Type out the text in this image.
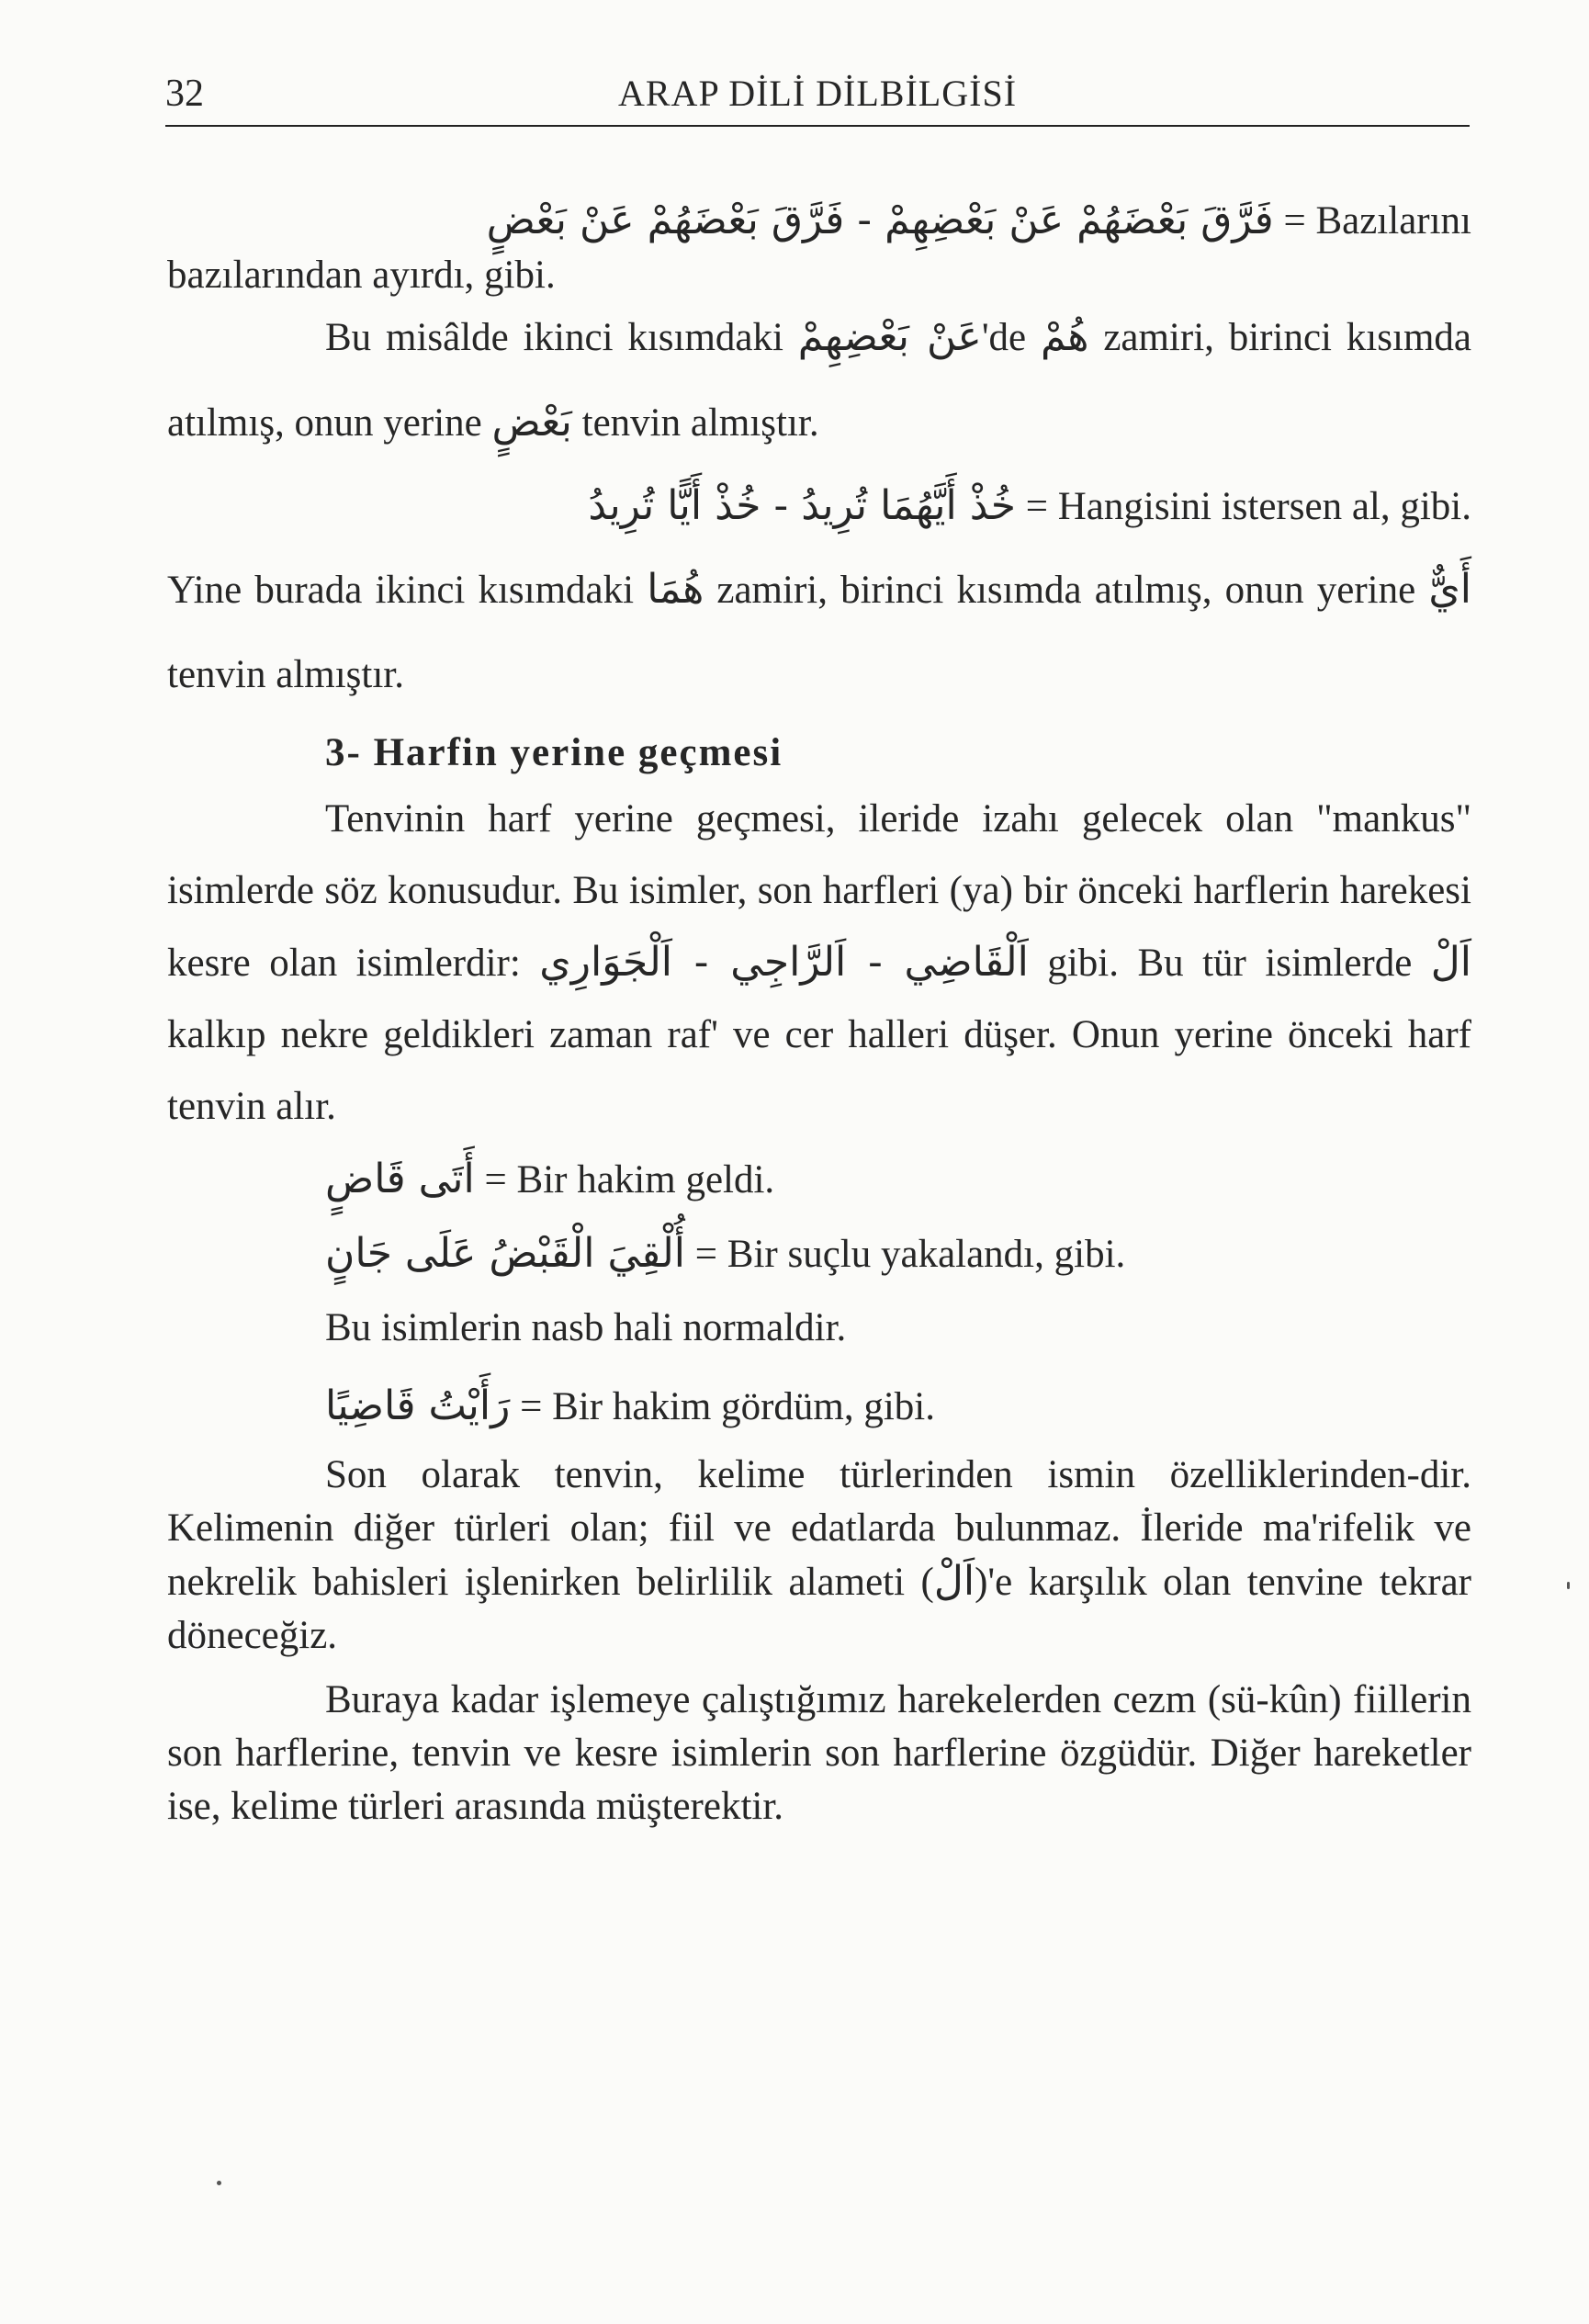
32	ARAP DİLİ DİLBİLGİSİ

فَرَّقَ بَعْضَهُمْ عَنْ بَعْضِهِمْ - فَرَّقَ بَعْضَهُمْ عَنْ بَعْضٍ = Bazılarını

bazılarından ayırdı, gibi.

Bu misâlde ikinci kısımdaki عَنْ بَعْضِهِمْ'de هُمْ zamiri, birinci kısımda atılmış, onun yerine بَعْضٍ tenvin almıştır.

خُذْ أَيَّهُمَا تُرِيدُ - خُذْ أَيًّا تُرِيدُ = Hangisini istersen al, gibi.

Yine burada ikinci kısımdaki هُمَا zamiri, birinci kısımda atılmış, onun yerine أَيٌّ tenvin almıştır.

3- Harfin yerine geçmesi

Tenvinin harf yerine geçmesi, ileride izahı gelecek olan "mankus" isimlerde söz konusudur. Bu isimler, son harfleri (ya) bir önceki harflerin harekesi kesre olan isimlerdir: اَلْقَاضِي - اَلرَّاجِي - اَلْجَوَارِي gibi. Bu tür isimlerde اَلْ kalkıp nekre geldikleri zaman raf' ve cer halleri düşer. Onun yerine önceki harf tenvin alır.

أَتَى قَاضٍ = Bir hakim geldi.

أُلْقِيَ الْقَبْضُ عَلَى جَانٍ = Bir suçlu yakalandı, gibi.

Bu isimlerin nasb hali normaldir.

رَأَيْتُ قَاضِيًا = Bir hakim gördüm, gibi.

Son olarak tenvin, kelime türlerinden ismin özelliklerinden-dir. Kelimenin diğer türleri olan; fiil ve edatlarda bulunmaz. İleride ma'rifelik ve nekrelik bahisleri işlenirken belirlilik alameti (اَلْ)'e karşılık olan tenvine tekrar döneceğiz.

Buraya kadar işlemeye çalıştığımız harekelerden cezm (sü-kûn) fiillerin son harflerine, tenvin ve kesre isimlerin son harflerine özgüdür. Diğer hareketler ise, kelime türleri arasında müşterektir.
